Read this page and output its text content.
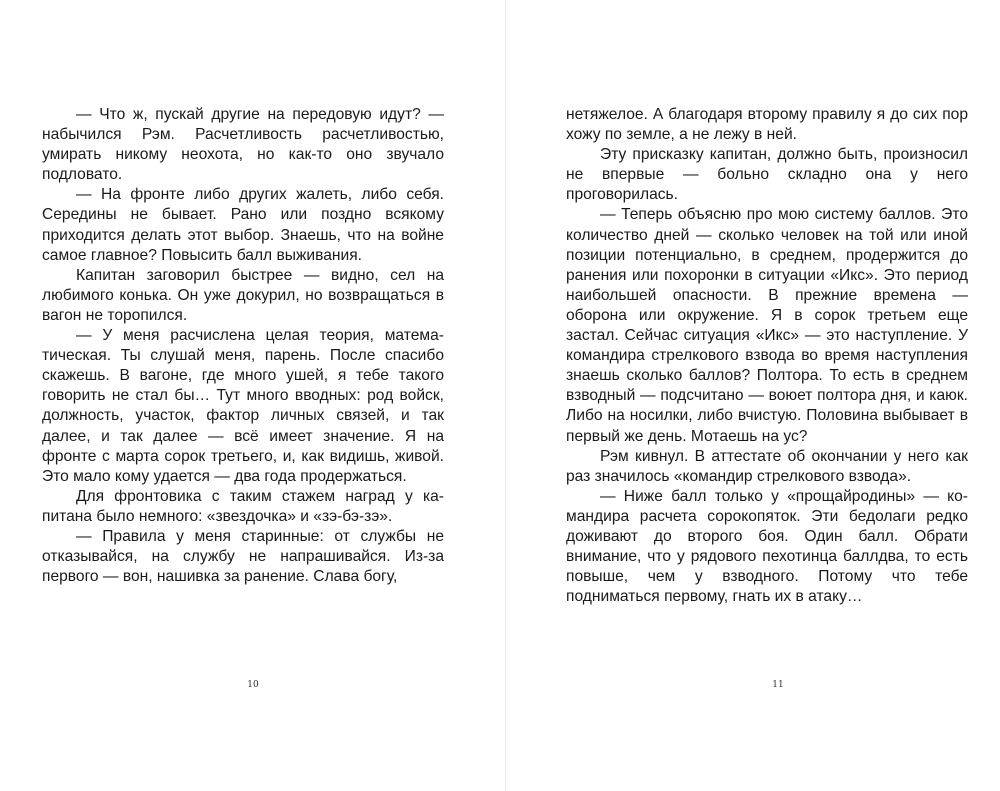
— Что ж, пускай другие на передовую идут? — набычился Рэм. Расчетливость расчетливостью, умирать никому неохота, но как-то оно звучало подловато.

— На фронте либо других жалеть, либо себя. Середины не бывает. Рано или поздно всякому приходится делать этот выбор. Знаешь, что на войне самое главное? Повысить балл выживания.

Капитан заговорил быстрее — видно, сел на любимого конька. Он уже докурил, но возвращаться в вагон не торопился.

— У меня расчислена целая теория, математическая. Ты слушай меня, парень. После спасибо скажешь. В вагоне, где много ушей, я тебе такого говорить не стал бы… Тут много вводных: род войск, должность, участок, фактор личных связей, и так далее, и так далее — всё имеет значение. Я на фронте с марта сорок третьего, и, как видишь, живой. Это мало кому удается — два года продержаться.

Для фронтовика с таким стажем наград у капитана было немного: «звездочка» и «зэ-бэ-зэ».

— Правила у меня старинные: от службы не отказывайся, на службу не напрашивайся. Из-за первого — вон, нашивка за ранение. Слава богу,

10

нетяжелое. А благодаря второму правилу я до сих пор хожу по земле, а не лежу в ней.

Эту присказку капитан, должно быть, произносил не впервые — больно складно она у него проговорилась.

— Теперь объясню про мою систему баллов. Это количество дней — сколько человек на той или иной позиции потенциально, в среднем, продержится до ранения или похоронки в ситуации «Икс». Это период наибольшей опасности. В прежние времена — оборона или окружение. Я в сорок третьем еще застал. Сейчас ситуация «Икс» — это наступление. У командира стрелкового взвода во время наступления знаешь сколько баллов? Полтора. То есть в среднем взводный — подсчитано — воюет полтора дня, и каюк. Либо на носилки, либо вчистую. Половина выбывает в первый же день. Мотаешь на ус?

Рэм кивнул. В аттестате об окончании у него как раз значилось «командир стрелкового взвода».

— Ниже балл только у «прощайродины» — командира расчета сорокопяток. Эти бедолаги редко доживают до второго боя. Один балл. Обрати внимание, что у рядового пехотинца баллдва, то есть повыше, чем у взводного. Потому что тебе подниматься первому, гнать их в атаку…

11
